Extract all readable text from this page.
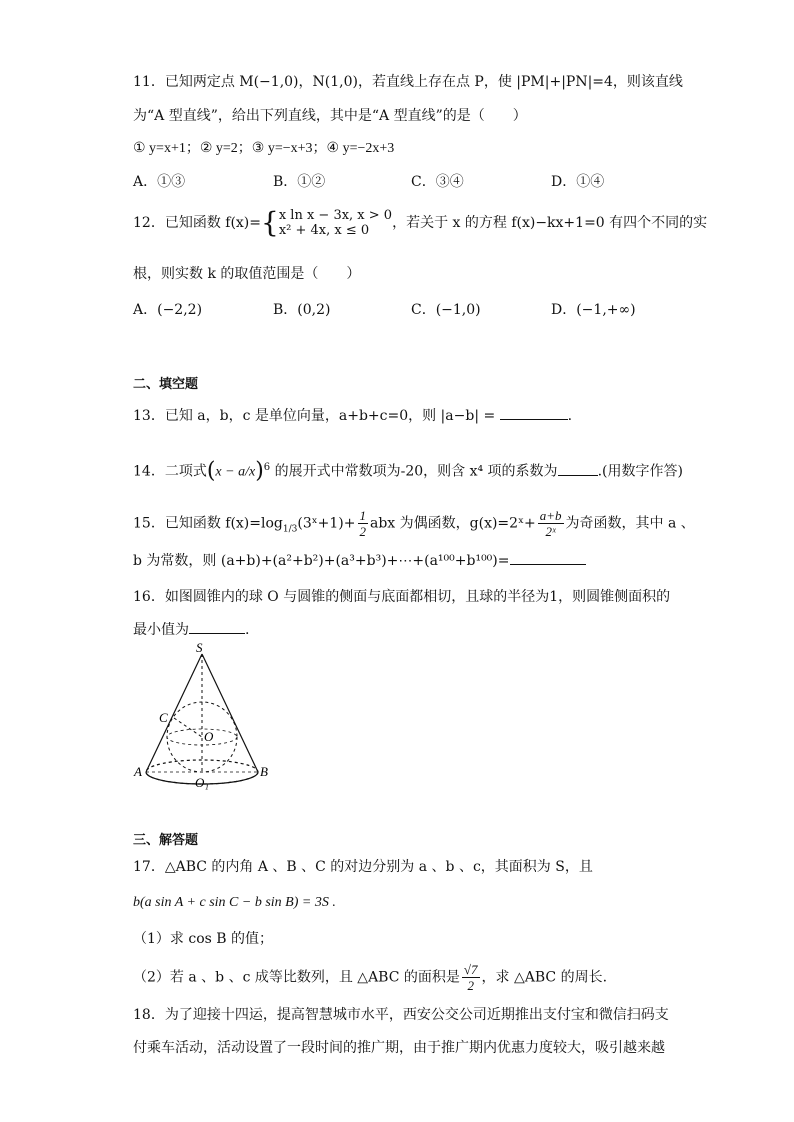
11．已知两定点 M(−1,0)，N(1,0)，若直线上存在点 P，使 |PM|+|PN|=4，则该直线
为“A 型直线”，给出下列直线，其中是“A 型直线”的是（　　）
① y=x+1；② y=2；③ y=−x+3；④ y=−2x+3
A．①③	B．①②	C．③④	D．①④
12．已知函数 f(x)={ x ln x − 3x, x > 0
x² + 4x, x ≤ 0	，若关于 x 的方程 f(x)−kx+1=0 有四个不同的实
根，则实数 k 的取值范围是（　　）
A．(−2,2)	B．(0,2)	C．(−1,0)	D．(−1,+∞)
二、填空题
13．已知 a，b，c 是单位向量，a+b+c=0，则 |a−b| =	.
14．二项式$(x - a/x)^6$ 的展开式中常数项为-20，则含 x⁴ 项的系数为	.(用数字作答)
15．已知函数 $f(x)=\log_{1/3}(3ˣ+1)+ \frac{1}{2}$ abx 为偶函数，g(x)=2ˣ+ $\frac{a+b}{\text{2ˣ}}$ 为奇函数，其中 a 、
b 为常数，则 (a+b)+(a²+b²)+(a³+b³)+⋯+(a¹⁰⁰+b¹⁰⁰)=
16．如图圆锥内的球 O 与圆锥的侧面与底面都相切，且球的半径为1，则圆锥侧面积的
最小值为	.
S
C
O
O₁
A	B
三、解答题
17．△ABC 的内角 A 、B 、C 的对边分别为 a 、b 、c，其面积为 S，且
b(a sin A + c sin C − b sin B) = 3S .
（1）求 cos B 的值；
（2）若 a 、b 、c 成等比数列，且 △ABC 的面积是 $\frac{√7}{2}$ ，求 △ABC 的周长.
18．为了迎接十四运，提高智慧城市水平，西安公交公司近期推出支付宝和微信扫码支
付乘车活动，活动设置了一段时间的推广期，由于推广期内优惠力度较大，吸引越来越
